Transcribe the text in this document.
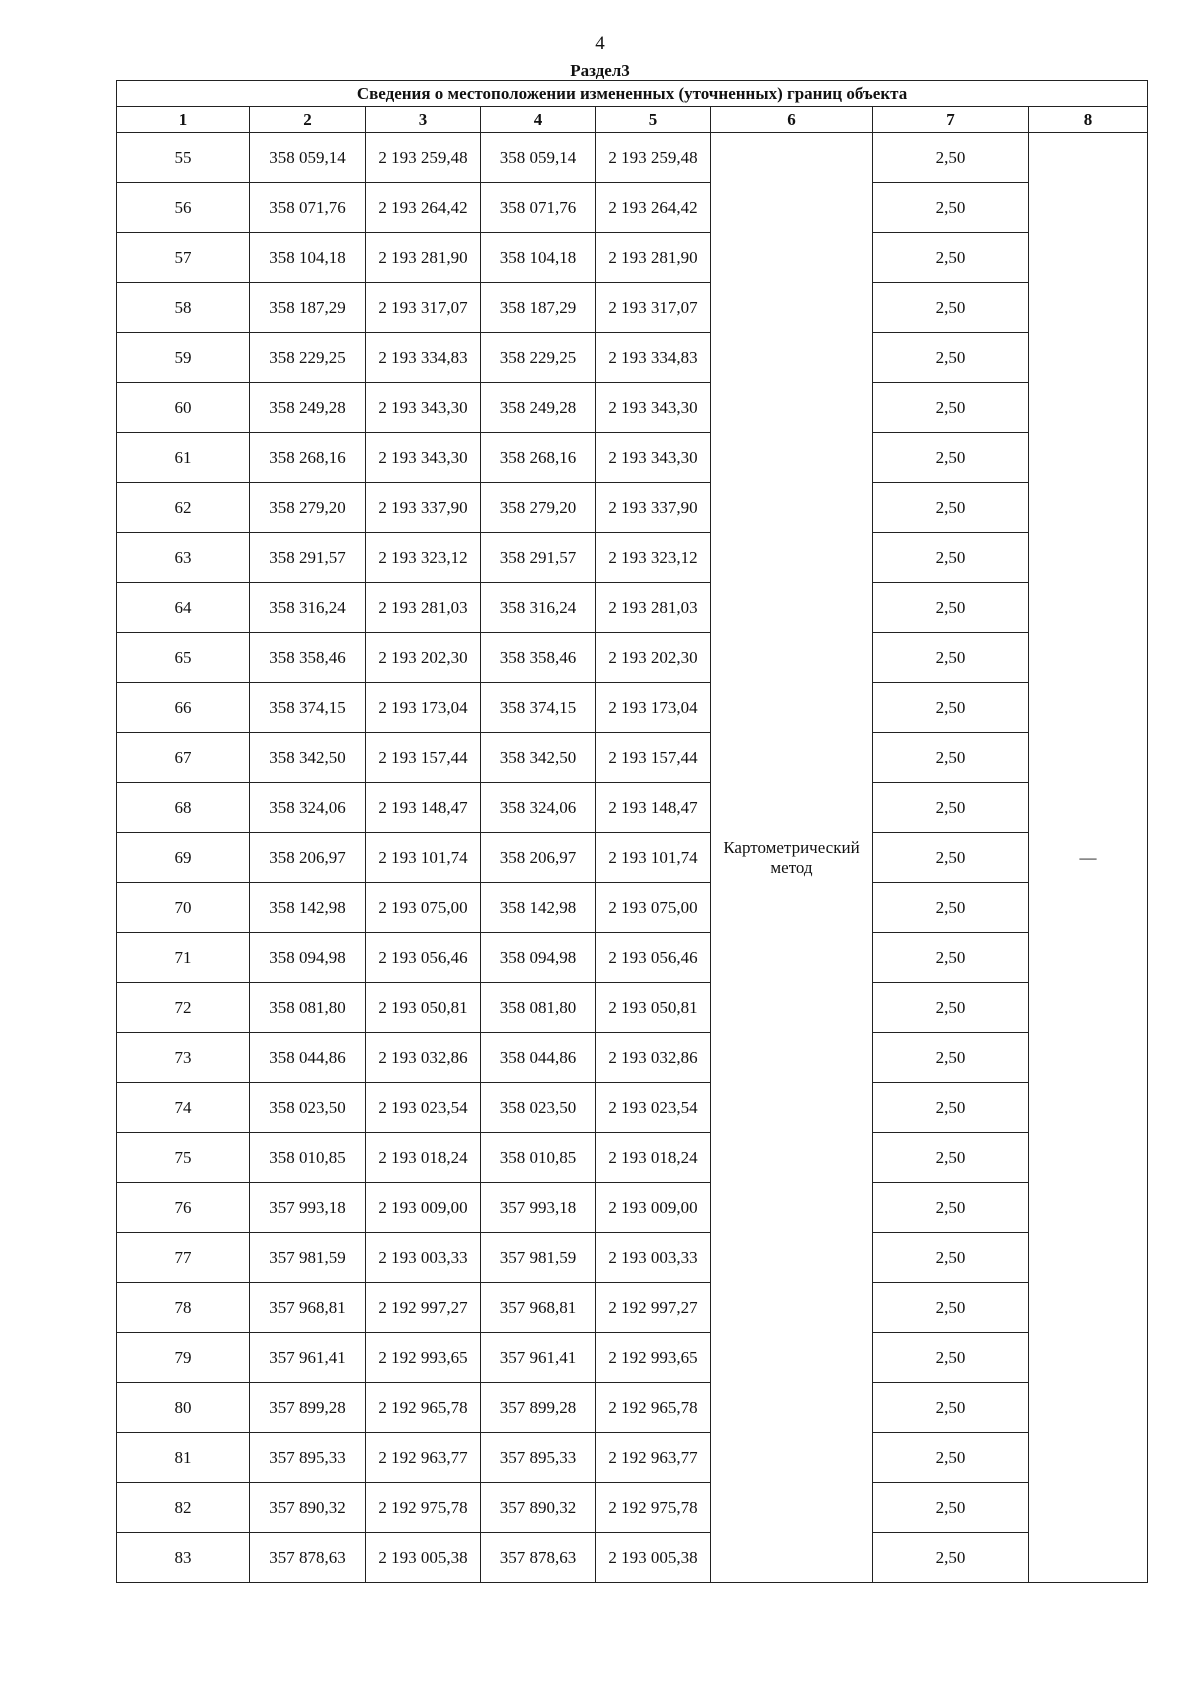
4
Раздел3
Сведения о местоположении измененных (уточненных) границ объекта							
1	2	3	4	5	6	7	8
55	358 059,14	2 193 259,48	358 059,14	2 193 259,48	Картометрический метод	2,50	—
56	358 071,76	2 193 264,42	358 071,76	2 193 264,42		2,50	
57	358 104,18	2 193 281,90	358 104,18	2 193 281,90		2,50	
58	358 187,29	2 193 317,07	358 187,29	2 193 317,07		2,50	
59	358 229,25	2 193 334,83	358 229,25	2 193 334,83		2,50	
60	358 249,28	2 193 343,30	358 249,28	2 193 343,30		2,50	
61	358 268,16	2 193 343,30	358 268,16	2 193 343,30		2,50	
62	358 279,20	2 193 337,90	358 279,20	2 193 337,90		2,50	
63	358 291,57	2 193 323,12	358 291,57	2 193 323,12		2,50	
64	358 316,24	2 193 281,03	358 316,24	2 193 281,03		2,50	
65	358 358,46	2 193 202,30	358 358,46	2 193 202,30		2,50	
66	358 374,15	2 193 173,04	358 374,15	2 193 173,04		2,50	
67	358 342,50	2 193 157,44	358 342,50	2 193 157,44		2,50	
68	358 324,06	2 193 148,47	358 324,06	2 193 148,47		2,50	
69	358 206,97	2 193 101,74	358 206,97	2 193 101,74		2,50	
70	358 142,98	2 193 075,00	358 142,98	2 193 075,00		2,50	
71	358 094,98	2 193 056,46	358 094,98	2 193 056,46		2,50	
72	358 081,80	2 193 050,81	358 081,80	2 193 050,81		2,50	
73	358 044,86	2 193 032,86	358 044,86	2 193 032,86		2,50	
74	358 023,50	2 193 023,54	358 023,50	2 193 023,54		2,50	
75	358 010,85	2 193 018,24	358 010,85	2 193 018,24		2,50	
76	357 993,18	2 193 009,00	357 993,18	2 193 009,00		2,50	
77	357 981,59	2 193 003,33	357 981,59	2 193 003,33		2,50	
78	357 968,81	2 192 997,27	357 968,81	2 192 997,27		2,50	
79	357 961,41	2 192 993,65	357 961,41	2 192 993,65		2,50	
80	357 899,28	2 192 965,78	357 899,28	2 192 965,78		2,50	
81	357 895,33	2 192 963,77	357 895,33	2 192 963,77		2,50	
82	357 890,32	2 192 975,78	357 890,32	2 192 975,78		2,50	
83	357 878,63	2 193 005,38	357 878,63	2 193 005,38		2,50	
